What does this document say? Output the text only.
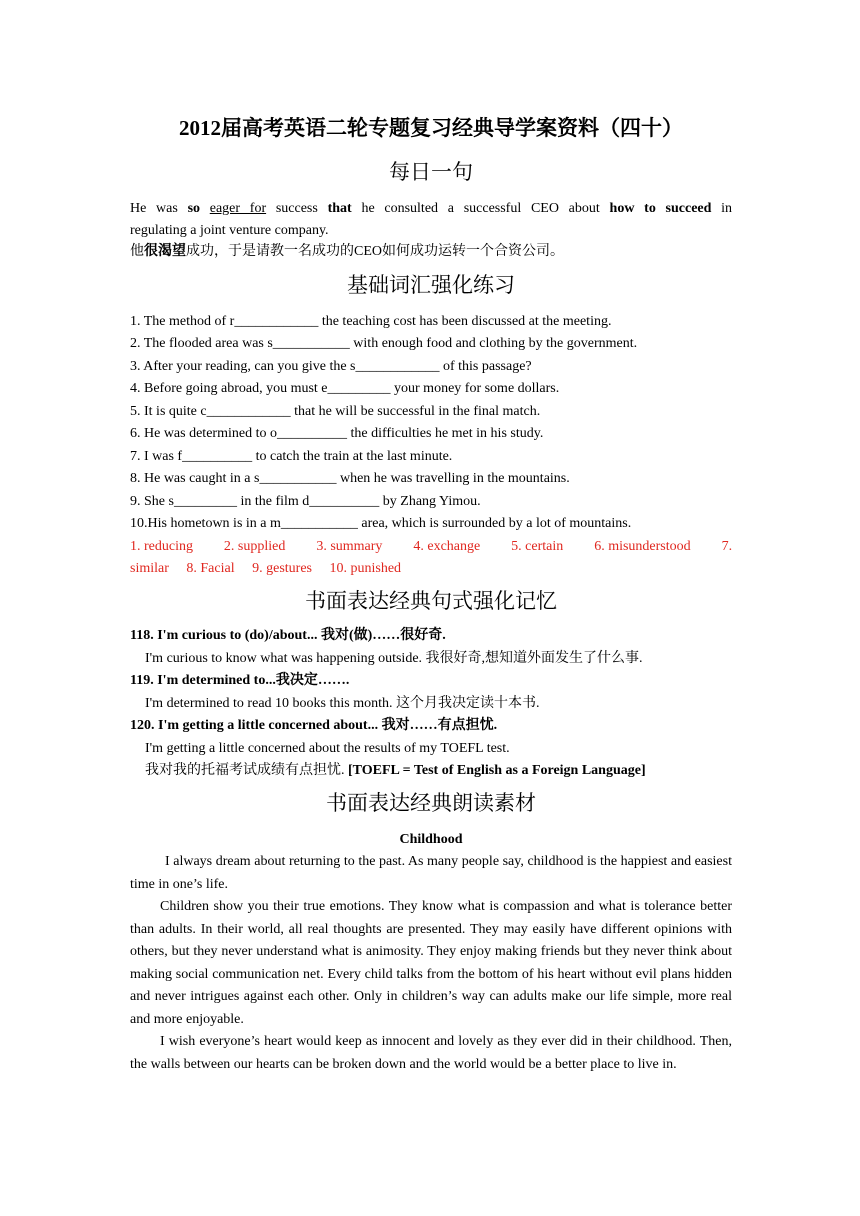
2012届高考英语二轮专题复习经典导学案资料（四十）
每日一句
He was so eager for success that he consulted a successful CEO about how to succeed in
regulating a joint venture company.
他很渴望成功，于是请教一名成功的CEO如何成功运转一个合资公司。
基础词汇强化练习
1. The method of r____________ the teaching cost has been discussed at the meeting.
2. The flooded area was s___________ with enough food and clothing by the government.
3. After your reading, can you give the s____________ of this passage?
4. Before going abroad, you must e_________ your money for some dollars.
5. It is quite c____________ that he will be successful in the final match.
6. He was determined to o__________ the difficulties he met in his study.
7. I was f__________ to catch the train at the last minute.
8. He was caught in a s___________ when he was travelling in the mountains.
9. She s_________ in the film d__________ by Zhang Yimou.
10.His hometown is in a m___________ area, which is surrounded by a lot of mountains.
1. reducing 2. supplied 3. summary 4. exchange 5. certain 6. misunderstood 7.
similar 8. Facial 9. gestures 10. punished
书面表达经典句式强化记忆
118. I'm curious to (do)/about... 我对(做)……很好奇.
I'm curious to know what was happening outside. 我很好奇,想知道外面发生了什么事.
119. I'm determined to...我决定…….
I'm determined to read 10 books this month. 这个月我决定读十本书.
120. I'm getting a little concerned about... 我对……有点担忧.
I'm getting a little concerned about the results of my TOEFL test.
我对我的托福考试成绩有点担忧. [TOEFL = Test of English as a Foreign Language]
书面表达经典朗读素材
Childhood
I always dream about returning to the past. As many people say, childhood is the happiest and easiest time in one’s life.
Children show you their true emotions. They know what is compassion and what is tolerance better than adults. In their world, all real thoughts are presented. They may easily have different opinions with others, but they never understand what is animosity. They enjoy making friends but they never think about making social communication net. Every child talks from the bottom of his heart without evil plans hidden and never intrigues against each other. Only in children’s way can adults make our life simple, more real and more enjoyable.
I wish everyone’s heart would keep as innocent and lovely as they ever did in their childhood. Then, the walls between our hearts can be broken down and the world would be a better place to live in.
